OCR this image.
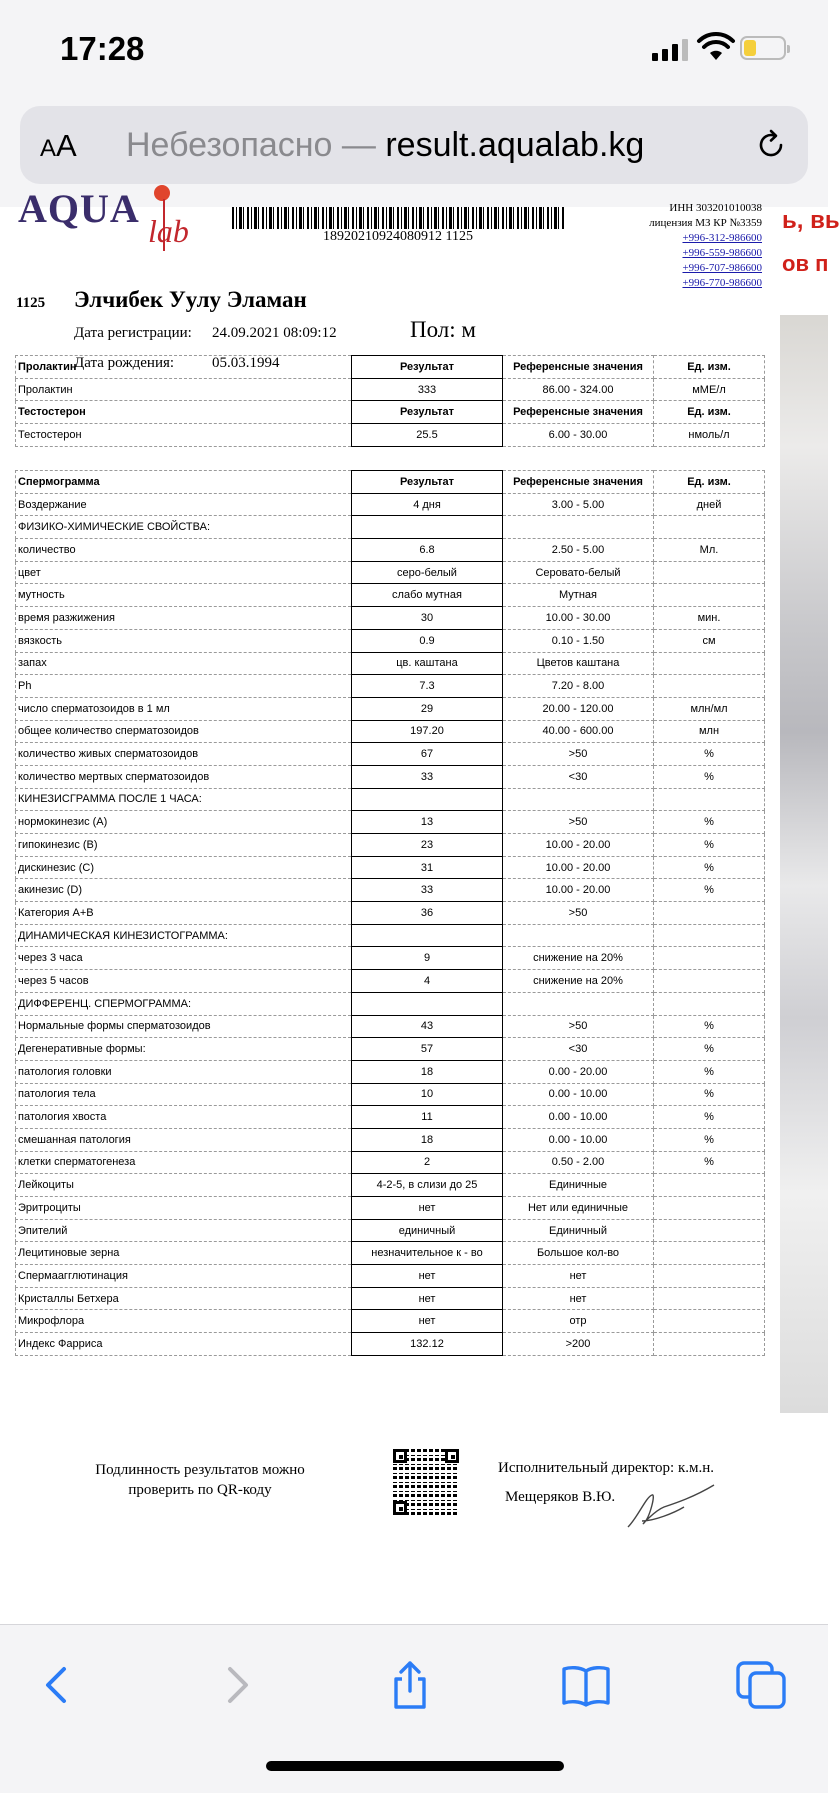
17:28
AA Небезопасно — result.aqualab.kg
AQUA lab	18920210924080912 1125
ИНН 303201010038
лицензия МЗ КР №3359
+996-312-986600
+996-559-986600
+996-707-986600
+996-770-986600
1125 Элчибек Уулу Эламан
Дата регистрации: 24.09.2021 08:09:12	Пол: м
Дата рождения:	05.03.1994
Пролактин	Результат	Референсные значения	Ед. изм.
Пролактин	333	86.00 - 324.00	мМЕ/л
Тестостерон	Результат	Референсные значения	Ед. изм.
Тестостерон	25.5	6.00 - 30.00	нмоль/л
Спермограмма	Результат	Референсные значения	Ед. изм.
Воздержание	4 дня	3.00 - 5.00	дней
ФИЗИКО-ХИМИЧЕСКИЕ СВОЙСТВА:			
количество	6.8	2.50 - 5.00	Мл.
цвет	серо-белый	Сероватo-белый	
мутность	слабо мутная	Мутная	
время разжижения	30	10.00 - 30.00	мин.
вязкость	0.9	0.10 - 1.50	см
запах	цв. каштана	Цветов каштана	
Ph	7.3	7.20 - 8.00	
число сперматозоидов в 1 мл	29	20.00 - 120.00	млн/мл
общее количество сперматозоидов	197.20	40.00 - 600.00	млн
количество живых сперматозоидов	67	>50	%
количество мертвых сперматозоидов	33	<30	%
КИНЕЗИСГРАММА ПОСЛЕ 1 ЧАСА:			
нормокинезис (А)	13	>50	%
гипокинезис (В)	23	10.00 - 20.00	%
дискинезис (С)	31	10.00 - 20.00	%
акинезис (D)	33	10.00 - 20.00	%
Категория А+В	36	>50	
ДИНАМИЧЕСКАЯ КИНЕЗИСТОГРАММА:			
через 3 часа	9	снижение на 20%	
через 5 часов	4	снижение на 20%	
ДИФФЕРЕНЦ. СПЕРМОГРАММА:			
Нормальные формы сперматозоидов	43	>50	%
Дегенеративные формы:	57	<30	%
патология головки	18	0.00 - 20.00	%
патология тела	10	0.00 - 10.00	%
патология хвоста	11	0.00 - 10.00	%
смешанная патология	18	0.00 - 10.00	%
клетки сперматогенеза	2	0.50 - 2.00	%
Лейкоциты	4-2-5, в слизи до 25	Единичные	
Эритроциты	нет	Нет или единичные	
Эпителий	единичный	Единичный	
Лецитиновые зерна	незначительное к - во	Большое кол-во	
Спермаагглютинация	нет	нет	
Кристаллы Бетхера	нет	нет	
Микрофлора	нет	отр	
Индекс Фарриса	132.12	>200	
Подлинность результатов можно проверить по QR-коду
Исполнительный директор: к.м.н.
Мещеряков В.Ю.
ь, вь
ов п
